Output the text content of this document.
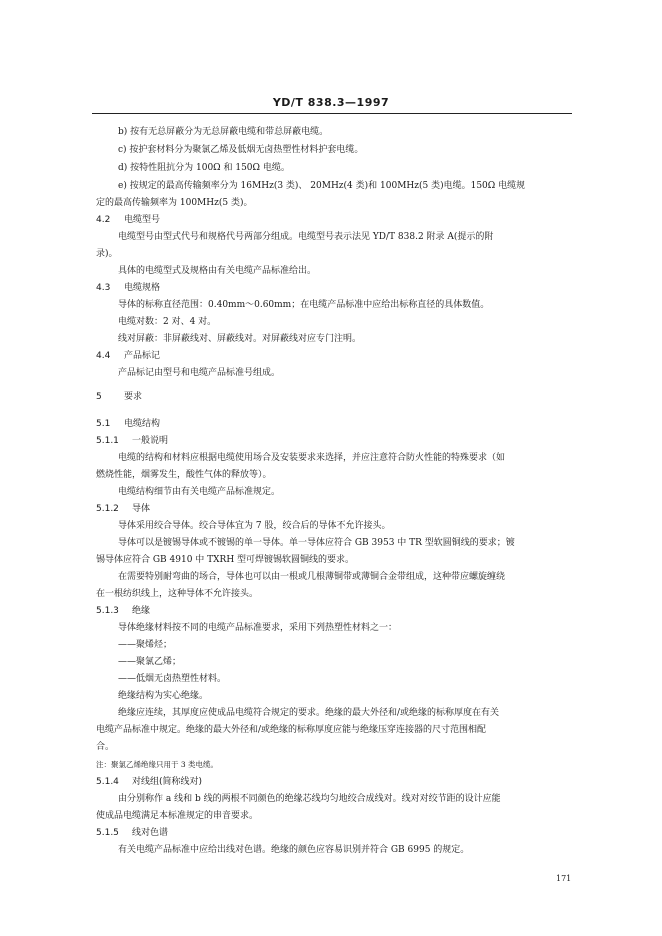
YD/T 838.3—1997
b) 按有无总屏蔽分为无总屏蔽电缆和带总屏蔽电缆。
c) 按护套材料分为聚氯乙烯及低烟无卤热塑性材料护套电缆。
d) 按特性阻抗分为 100Ω 和 150Ω 电缆。
e) 按规定的最高传输频率分为 16MHz(3 类)、 20MHz(4 类)和 100MHz(5 类)电缆。150Ω 电缆规
定的最高传输频率为 100MHz(5 类)。
4.2 电缆型号
电缆型号由型式代号和规格代号两部分组成。电缆型号表示法见 YD/T 838.2 附录 A(提示的附
录)。
具体的电缆型式及规格由有关电缆产品标准给出。
4.3 电缆规格
导体的标称直径范围：0.40mm～0.60mm；在电缆产品标准中应给出标称直径的具体数值。
电缆对数：2 对、4 对。
线对屏蔽：非屏蔽线对、屏蔽线对。对屏蔽线对应专门注明。
4.4 产品标记
产品标记由型号和电缆产品标准号组成。
5 要求
5.1 电缆结构
5.1.1 一般说明
电缆的结构和材料应根据电缆使用场合及安装要求来选择，并应注意符合防火性能的特殊要求（如
燃烧性能，烟雾发生，酸性气体的释放等）。
电缆结构细节由有关电缆产品标准规定。
5.1.2 导体
导体采用绞合导体。绞合导体宜为 7 股，绞合后的导体不允许接头。
导体可以是镀锡导体或不镀锡的单一导体。单一导体应符合 GB 3953 中 TR 型软圆铜线的要求；镀
锡导体应符合 GB 4910 中 TXRH 型可焊镀锡软圆铜线的要求。
在需要特别耐弯曲的场合，导体也可以由一根或几根薄铜带或薄铜合金带组成，这种带应螺旋缠绕
在一根纺织线上，这种导体不允许接头。
5.1.3 绝缘
导体绝缘材料按不同的电缆产品标准要求，采用下列热塑性材料之一：
——聚烯烃；
——聚氯乙烯；
——低烟无卤热塑性材料。
绝缘结构为实心绝缘。
绝缘应连续，其厚度应使成品电缆符合规定的要求。绝缘的最大外径和/或绝缘的标称厚度在有关
电缆产品标准中规定。绝缘的最大外径和/或绝缘的标称厚度应能与绝缘压穿连接器的尺寸范围相配
合。
注：聚氯乙烯绝缘只用于 3 类电缆。
5.1.4 对线组(简称线对)
由分别称作 a 线和 b 线的两根不同颜色的绝缘芯线均匀地绞合成线对。线对对绞节距的设计应能
使成品电缆满足本标准规定的串音要求。
5.1.5 线对色谱
有关电缆产品标准中应给出线对色谱。绝缘的颜色应容易识别并符合 GB 6995 的规定。
171
